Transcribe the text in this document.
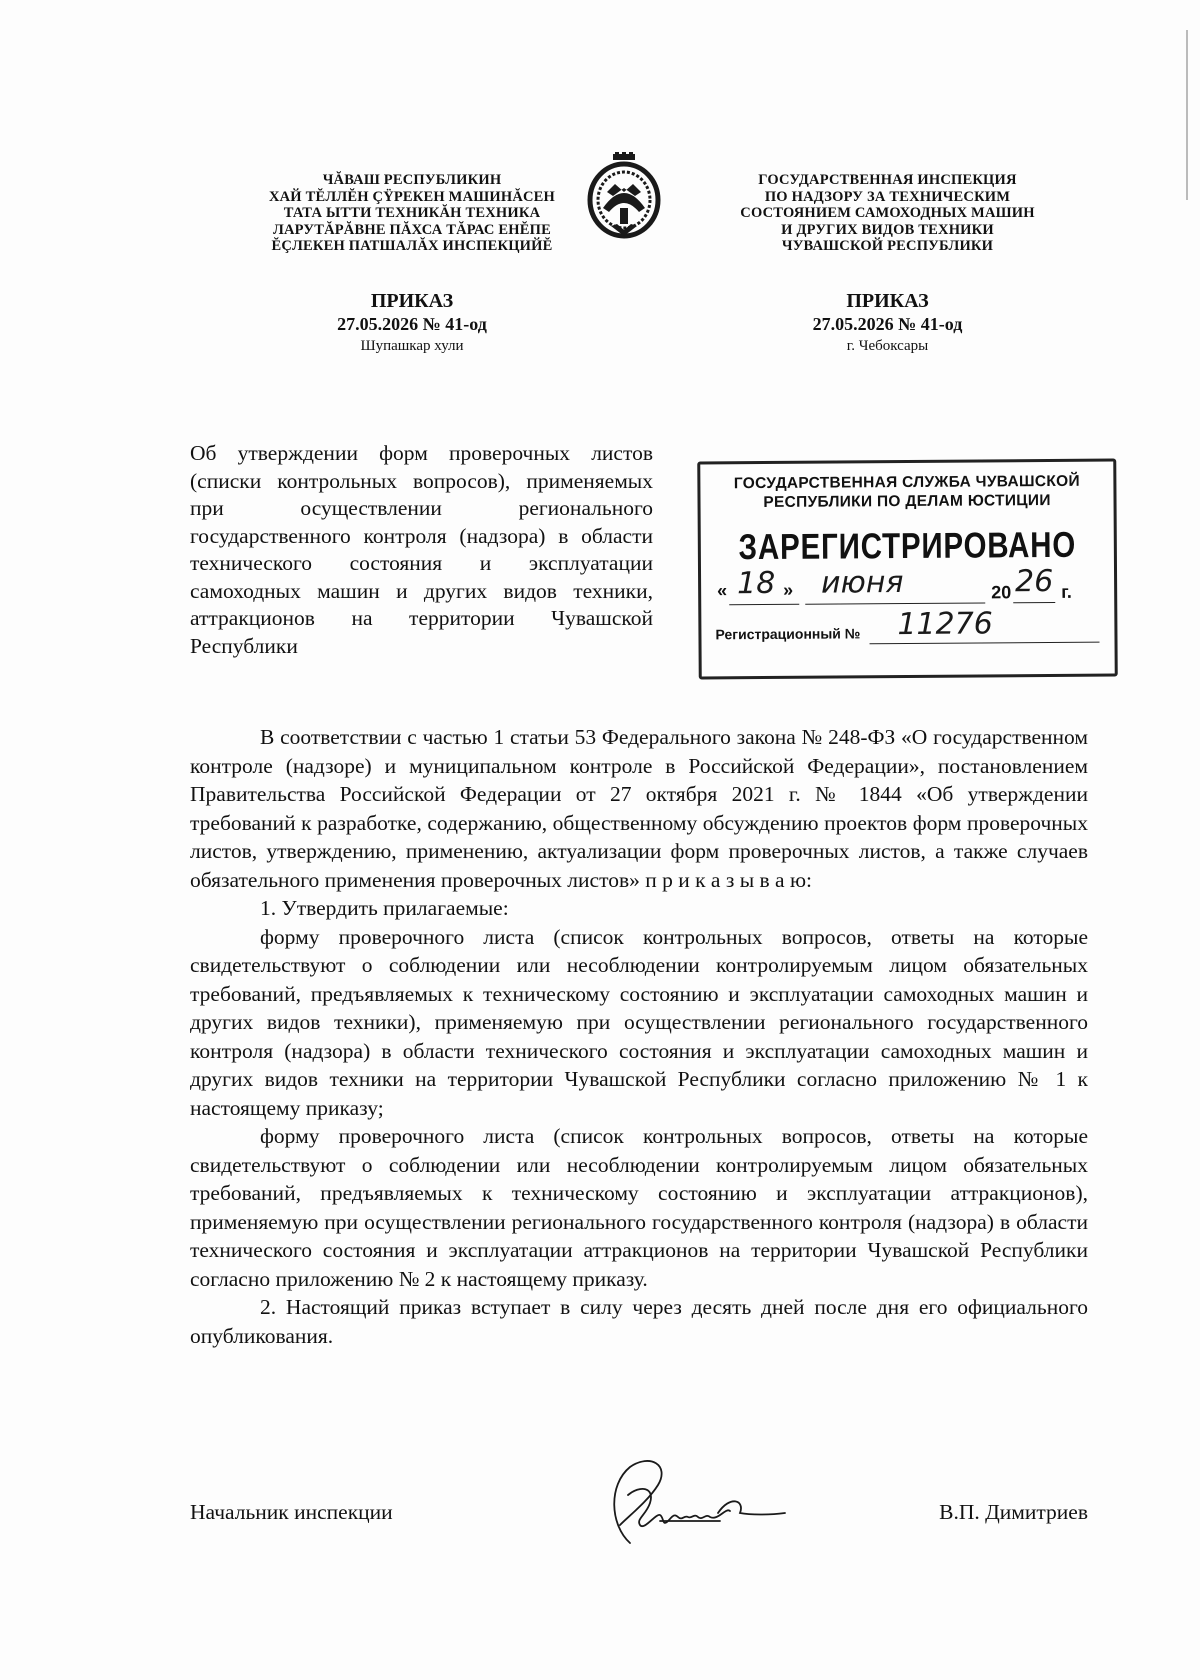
ЧĂВАШ РЕСПУБЛИКИН
ХАЙ ТĔЛЛĔН ÇŸРЕКЕН МАШИНĂСЕН
ТАТА ЫТТИ ТЕХНИКĂН ТЕХНИКА
ЛАРУТĂРĂВНЕ ПĂХСА ТĂРАС ЕНĔПЕ
ĔÇЛЕКЕН ПАТШАЛĂХ ИНСПЕКЦИЙĔ
ПРИКАЗ
27.05.2026 № 41-од
Шупашкар хули
ГОСУДАРСТВЕННАЯ ИНСПЕКЦИЯ
ПО НАДЗОРУ ЗА ТЕХНИЧЕСКИМ
СОСТОЯНИЕМ САМОХОДНЫХ МАШИН
И ДРУГИХ ВИДОВ ТЕХНИКИ
ЧУВАШСКОЙ РЕСПУБЛИКИ
ПРИКАЗ
27.05.2026 № 41-од
г. Чебоксары

Об утверждении форм проверочных листов (списки контрольных вопросов), применяемых при осуществлении регионального государственного контроля (надзора) в области технического состояния и эксплуатации самоходных машин и других видов техники, аттракционов на территории Чувашской Республики

ГОСУДАРСТВЕННАЯ СЛУЖБА ЧУВАШСКОЙ
РЕСПУБЛИКИ ПО ДЕЛАМ ЮСТИЦИИ
ЗАРЕГИСТРИРОВАНО
« 18 » июня	20 26 г.
Регистрационный № 11276

В соответствии с частью 1 статьи 53 Федерального закона № 248-ФЗ «О государственном контроле (надзоре) и муниципальном контроле в Российской Федерации», постановлением Правительства Российской Федерации от 27 октября 2021 г. № 1844 «Об утверждении требований к разработке, содержанию, общественному обсуждению проектов форм проверочных листов, утверждению, применению, актуализации форм проверочных листов, а также случаев обязательного применения проверочных листов» п р и к а з ы в а ю:

1. Утвердить прилагаемые:

форму проверочного листа (список контрольных вопросов, ответы на которые свидетельствуют о соблюдении или несоблюдении контролируемым лицом обязательных требований, предъявляемых к техническому состоянию и эксплуатации самоходных машин и других видов техники), применяемую при осуществлении регионального государственного контроля (надзора) в области технического состояния и эксплуатации самоходных машин и других видов техники на территории Чувашской Республики согласно приложению № 1 к настоящему приказу;

форму проверочного листа (список контрольных вопросов, ответы на которые свидетельствуют о соблюдении или несоблюдении контролируемым лицом обязательных требований, предъявляемых к техническому состоянию и эксплуатации аттракционов), применяемую при осуществлении регионального государственного контроля (надзора) в области технического состояния и эксплуатации аттракционов на территории Чувашской Республики согласно приложению № 2 к настоящему приказу.

2. Настоящий приказ вступает в силу через десять дней после дня его официального опубликования.

Начальник инспекции	В.П. Димитриев
